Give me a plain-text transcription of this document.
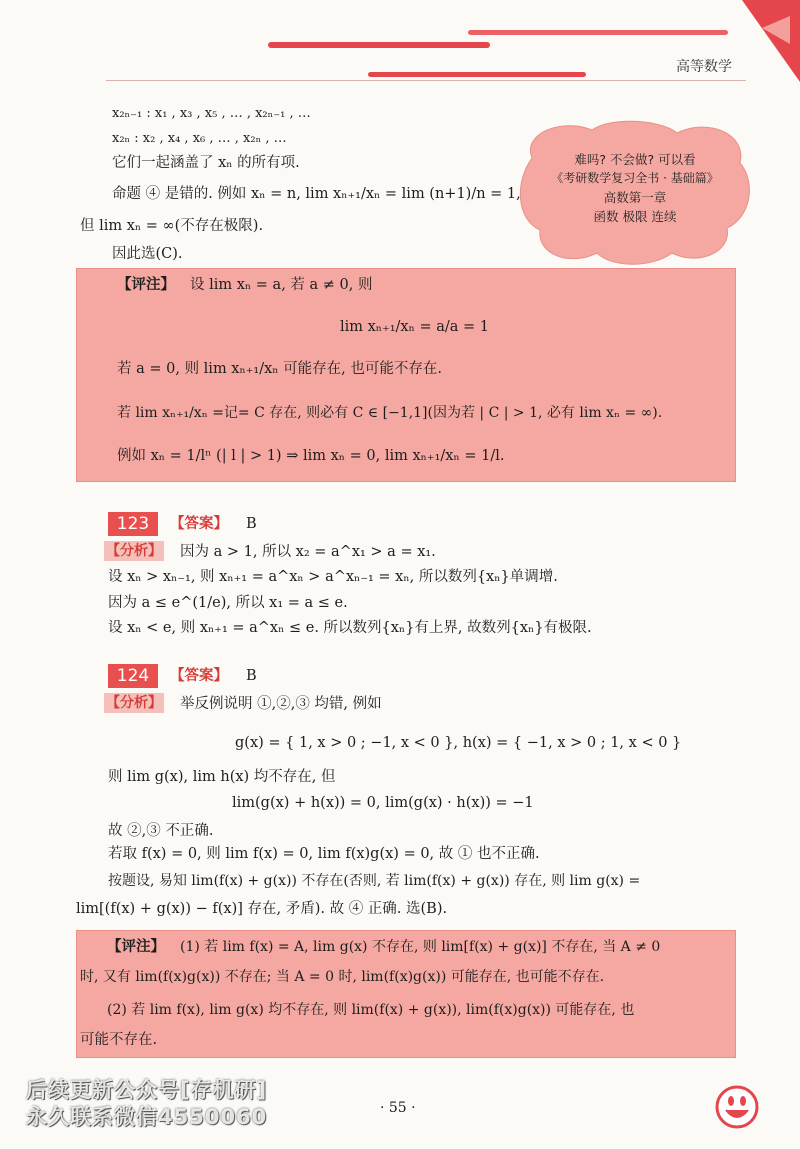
高等数学
x₂ₙ₋₁ : x₁ , x₃ , x₅ , … , x₂ₙ₋₁ , …
x₂ₙ : x₂ , x₄ , x₆ , … , x₂ₙ , …
它们一起涵盖了 xₙ 的所有项.
命题 ④ 是错的. 例如 xₙ = n, lim xₙ₊₁/xₙ = lim (n+1)/n = 1,
但 lim xₙ = ∞(不存在极限).
因此选(C).
难吗? 不会做? 可以看
《考研数学复习全书 · 基础篇》
高数第一章
函数 极限 连续
【评注】 设 lim xₙ = a, 若 a ≠ 0, 则
lim xₙ₊₁/xₙ = a/a = 1
若 a = 0, 则 lim xₙ₊₁/xₙ 可能存在, 也可能不存在.
若 lim xₙ₊₁/xₙ =记= C 存在, 则必有 C ∈ [−1,1](因为若 | C | > 1, 必有 lim xₙ = ∞).
例如 xₙ = 1/lⁿ (| l | > 1) ⇒ lim xₙ = 0, lim xₙ₊₁/xₙ = 1/l.
123	【答案】 B
【分析】 因为 a > 1, 所以 x₂ = a^x₁ > a = x₁.
设 xₙ > xₙ₋₁, 则 xₙ₊₁ = a^xₙ > a^xₙ₋₁ = xₙ, 所以数列{xₙ}单调增.
因为 a ≤ e^(1/e), 所以 x₁ = a ≤ e.
设 xₙ < e, 则 xₙ₊₁ = a^xₙ ≤ e. 所以数列{xₙ}有上界, 故数列{xₙ}有极限.
124	【答案】 B
【分析】 举反例说明 ①,②,③ 均错, 例如
g(x) = { 1, x > 0 ; −1, x < 0 }, h(x) = { −1, x > 0 ; 1, x < 0 }
则 lim g(x), lim h(x) 均不存在, 但
lim(g(x) + h(x)) = 0, lim(g(x) · h(x)) = −1
故 ②,③ 不正确.
若取 f(x) = 0, 则 lim f(x) = 0, lim f(x)g(x) = 0, 故 ① 也不正确.
按题设, 易知 lim(f(x) + g(x)) 不存在(否则, 若 lim(f(x) + g(x)) 存在, 则 lim g(x) =
lim[(f(x) + g(x)) − f(x)] 存在, 矛盾). 故 ④ 正确. 选(B).
【评注】 (1) 若 lim f(x) = A, lim g(x) 不存在, 则 lim[f(x) + g(x)] 不存在, 当 A ≠ 0
时, 又有 lim(f(x)g(x)) 不存在; 当 A = 0 时, lim(f(x)g(x)) 可能存在, 也可能不存在.
(2) 若 lim f(x), lim g(x) 均不存在, 则 lim(f(x) + g(x)), lim(f(x)g(x)) 可能存在, 也
可能不存在.
· 55 ·
后续更新公众号[存机研]
永久联系微信4550060
